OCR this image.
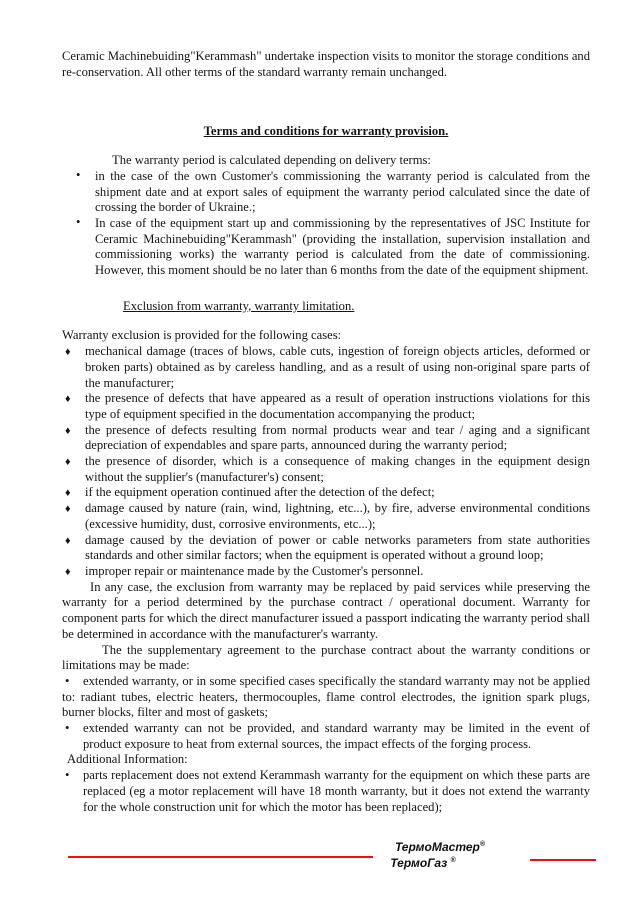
Ceramic Machinebuiding"Kerammash" undertake inspection visits to monitor the storage conditions and re-conservation. All other terms of the standard warranty remain unchanged.

Terms and conditions for warranty provision.

The warranty period is calculated depending on delivery terms:

• in the case of the own Customer's commissioning the warranty period is calculated from the shipment date and at export sales of equipment the warranty period calculated since the date of crossing the border of Ukraine.;
• In case of the equipment start up and commissioning by the representatives of JSC Institute for Ceramic Machinebuiding"Kerammash" (providing the installation, supervision installation and commissioning works) the warranty period is calculated from the date of commissioning. However, this moment should be no later than 6 months from the date of the equipment shipment.

Exclusion from warranty, warranty limitation.

Warranty exclusion is provided for the following cases:

♦ mechanical damage (traces of blows, cable cuts, ingestion of foreign objects articles, deformed or broken parts) obtained as by careless handling, and as a result of using non-original spare parts of the manufacturer;
♦ the presence of defects that have appeared as a result of operation instructions violations for this type of equipment specified in the documentation accompanying the product;
♦ the presence of defects resulting from normal products wear and tear / aging and a significant depreciation of expendables and spare parts, announced during the warranty period;
♦ the presence of disorder, which is a consequence of making changes in the equipment design without the supplier's (manufacturer's) consent;
♦ if the equipment operation continued after the detection of the defect;
♦ damage caused by nature (rain, wind, lightning, etc...), by fire, adverse environmental conditions (excessive humidity, dust, corrosive environments, etc...);
♦ damage caused by the deviation of power or cable networks parameters from state authorities standards and other similar factors; when the equipment is operated without a ground loop;
♦ improper repair or maintenance made by the Customer's personnel.

In any case, the exclusion from warranty may be replaced by paid services while preserving the warranty for a period determined by the purchase contract / operational document. Warranty for component parts for which the direct manufacturer issued a passport indicating the warranty period shall be determined in accordance with the manufacturer's warranty.

The the supplementary agreement to the purchase contract about the warranty conditions or limitations may be made:

• extended warranty, or in some specified cases specifically the standard warranty may not be applied to: radiant tubes, electric heaters, thermocouples, flame control electrodes, the ignition spark plugs, burner blocks, filter and most of gaskets;
• extended warranty can not be provided, and standard warranty may be limited in the event of product exposure to heat from external sources, the impact effects of the forging process.

Additional Information:

• parts replacement does not extend Kerammash warranty for the equipment on which these parts are replaced (eg a motor replacement will have 18 month warranty, but it does not extend the warranty for the whole construction unit for which the motor has been replaced);
ТермоМастер®
ТермоГаз ®
